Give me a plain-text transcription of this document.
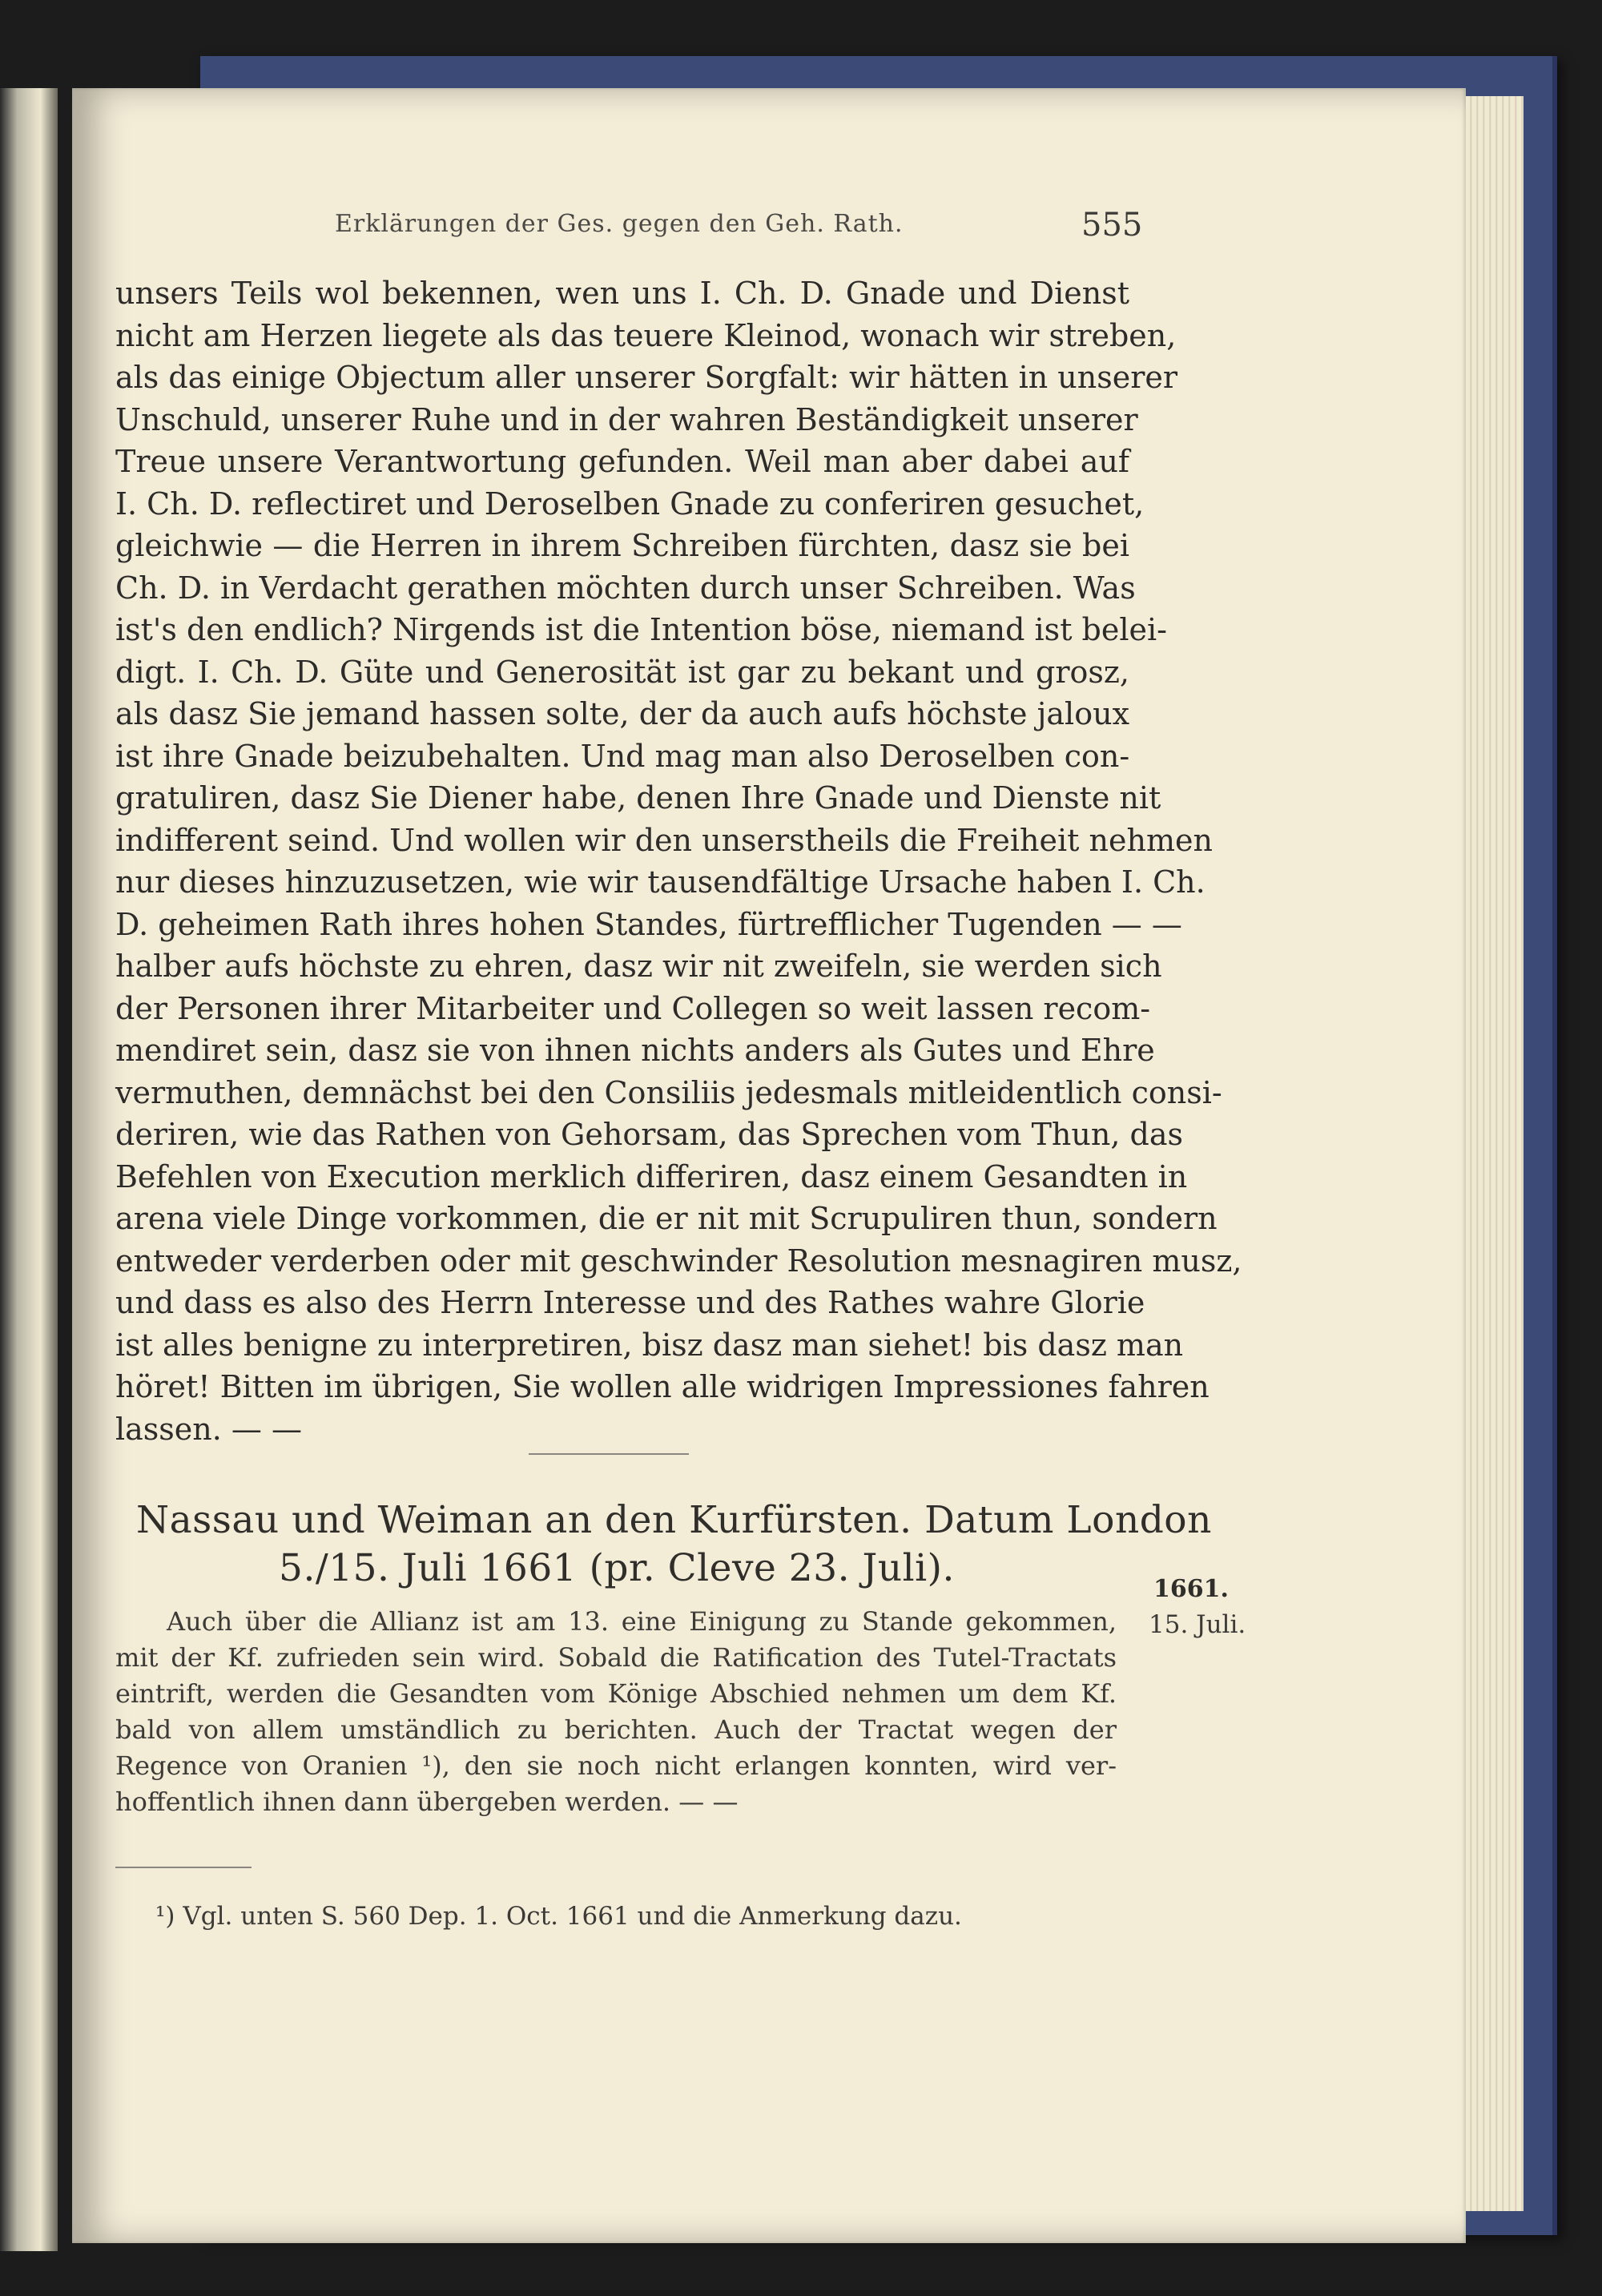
Erklärungen der Ges. gegen den Geh. Rath.	555
unsers Teils wol bekennen, wen uns I. Ch. D. Gnade und Dienst
nicht am Herzen liegete als das teuere Kleinod, wonach wir streben,
als das einige Objectum aller unserer Sorgfalt: wir hätten in unserer
Unschuld, unserer Ruhe und in der wahren Beständigkeit unserer
Treue unsere Verantwortung gefunden. Weil man aber dabei auf
I. Ch. D. reflectiret und Deroselben Gnade zu conferiren gesuchet,
gleichwie — die Herren in ihrem Schreiben fürchten, dasz sie bei
Ch. D. in Verdacht gerathen möchten durch unser Schreiben. Was
ist's den endlich? Nirgends ist die Intention böse, niemand ist belei-
digt. I. Ch. D. Güte und Generosität ist gar zu bekant und grosz,
als dasz Sie jemand hassen solte, der da auch aufs höchste jaloux
ist ihre Gnade beizubehalten. Und mag man also Deroselben con-
gratuliren, dasz Sie Diener habe, denen Ihre Gnade und Dienste nit
indifferent seind. Und wollen wir den unserstheils die Freiheit nehmen
nur dieses hinzuzusetzen, wie wir tausendfältige Ursache haben I. Ch.
D. geheimen Rath ihres hohen Standes, fürtrefflicher Tugenden — —
halber aufs höchste zu ehren, dasz wir nit zweifeln, sie werden sich
der Personen ihrer Mitarbeiter und Collegen so weit lassen recom-
mendiret sein, dasz sie von ihnen nichts anders als Gutes und Ehre
vermuthen, demnächst bei den Consiliis jedesmals mitleidentlich consi-
deriren, wie das Rathen von Gehorsam, das Sprechen vom Thun, das
Befehlen von Execution merklich differiren, dasz einem Gesandten in
arena viele Dinge vorkommen, die er nit mit Scrupuliren thun, sondern
entweder verderben oder mit geschwinder Resolution mesnagiren musz,
und dass es also des Herrn Interesse und des Rathes wahre Glorie
ist alles benigne zu interpretiren, bisz dasz man siehet! bis dasz man
höret! Bitten im übrigen, Sie wollen alle widrigen Impressiones fahren
lassen. — —
Nassau und Weiman an den Kurfürsten. Datum London
5./15. Juli 1661 (pr. Cleve 23. Juli).	1661.
15. Juli.
Auch über die Allianz ist am 13. eine Einigung zu Stande gekommen,
mit der Kf. zufrieden sein wird. Sobald die Ratification des Tutel-Tractats
eintrift, werden die Gesandten vom Könige Abschied nehmen um dem Kf.
bald von allem umständlich zu berichten. Auch der Tractat wegen der
Regence von Oranien ¹), den sie noch nicht erlangen konnten, wird ver-
hoffentlich ihnen dann übergeben werden. — —
¹) Vgl. unten S. 560 Dep. 1. Oct. 1661 und die Anmerkung dazu.
